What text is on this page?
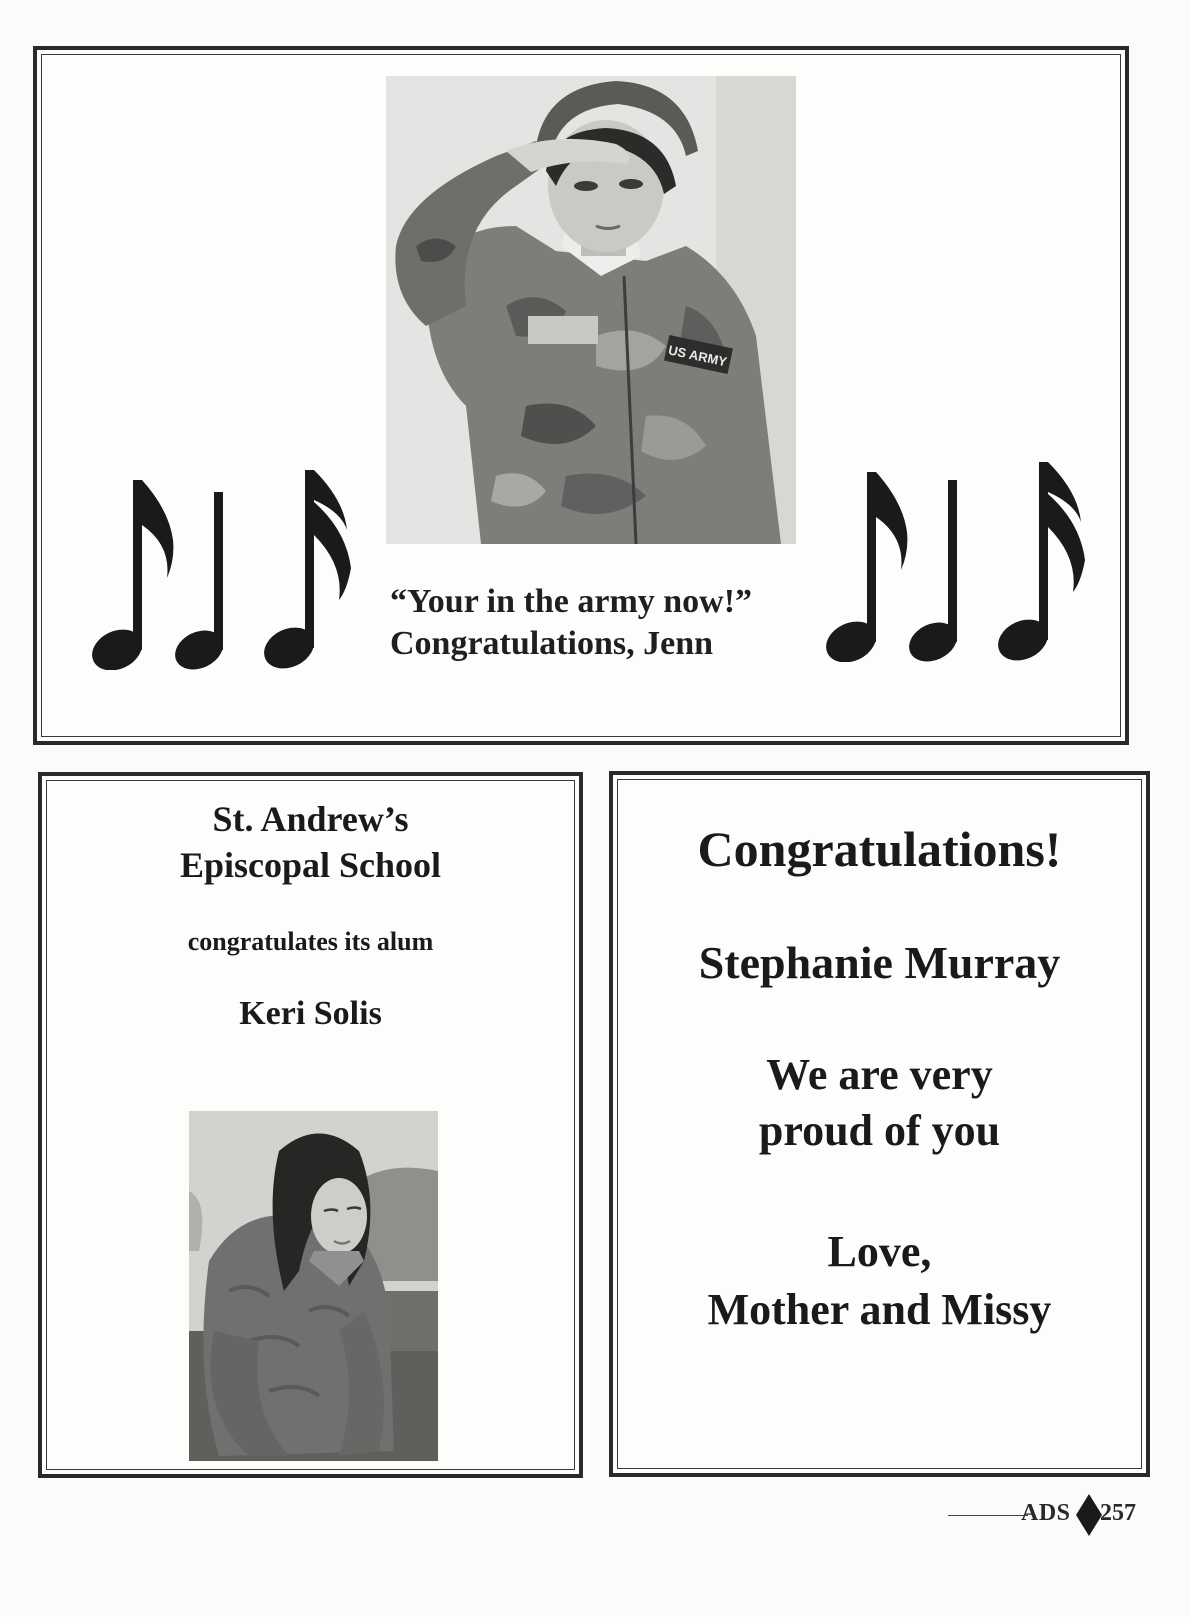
US ARMY
“Your in the army now!”
Congratulations, Jenn
St. Andrew’s
Episcopal School
congratulates its alum
Keri Solis
Congratulations!
Stephanie Murray
We are very
proud of you
Love,
Mother and Missy
ADS 257
